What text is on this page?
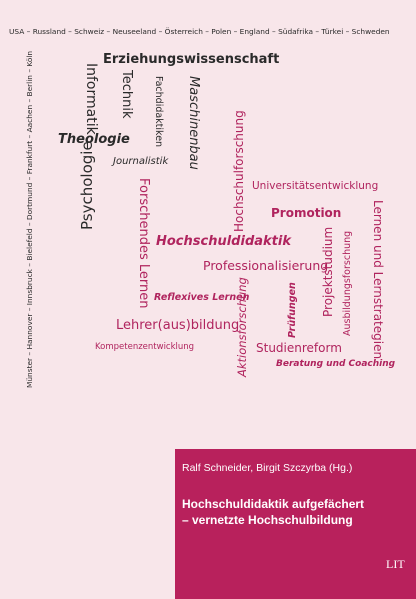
USA – Russland – Schweiz – Neuseeland – Österreich – Polen – England – Südafrika – Türkei – Schweden
Münster – Hannover – Innsbruck – Bielefeld – Dortmund – Frankfurt – Aachen – Berlin – Köln	Erziehungswissenschaft
Informatik Technik Fachdidaktiken Maschinenbau
Theologie
Journalistik
Psychologie	Hochschulforschung
Forschendes Lernen	Universitätsentwicklung
Promotion Lernen und Lernstrategien
Hochschuldidaktik
Professionalisierung
Projektstudium Ausbildungsforschung
Reflexives Lernen
Aktionsforschung	Prüfungen
Lehrer(aus)bildung
Kompetenzentwicklung	Studienreform
Beratung und Coaching
Ralf Schneider, Birgit Szczyrba (Hg.)
Hochschuldidaktik aufgefächert
– vernetzte Hochschulbildung
LIT
